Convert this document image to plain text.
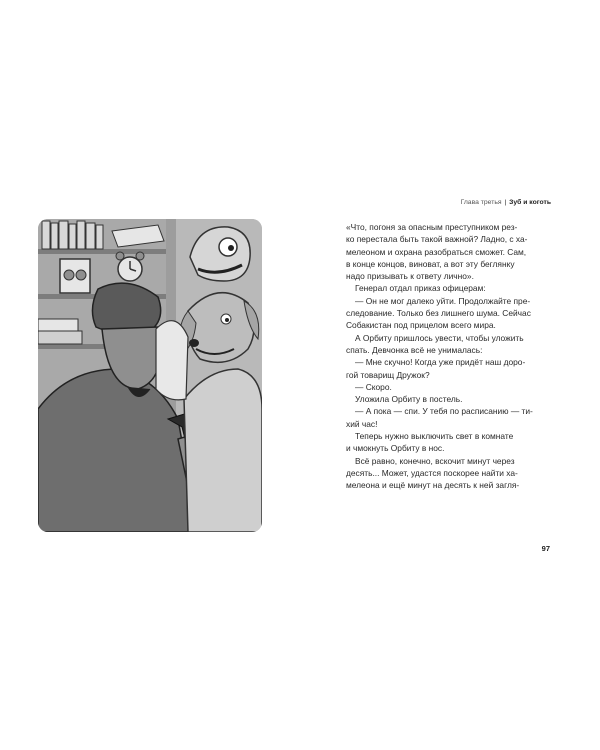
Глава третья | Зуб и коготь
«Что, погоня за опасным преступником рез-
ко перестала быть такой важной? Ладно, с ха-
мелеоном и охрана разобраться сможет. Сам,
в конце концов, виноват, а вот эту беглянку
надо призывать к ответу лично».
Генерал отдал приказ офицерам:
— Он не мог далеко уйти. Продолжайте пре-
следование. Только без лишнего шума. Сейчас
Собакистан под прицелом всего мира.
А Орбиту пришлось увести, чтобы уложить
спать. Девчонка всё не унималась:
— Мне скучно! Когда уже придёт наш доро-
гой товарищ Дружок?
— Скоро.
Уложила Орбиту в постель.
— А пока — спи. У тебя по расписанию — ти-
хий час!
Теперь нужно выключить свет в комнате
и чмокнуть Орбиту в нос.
Всё равно, конечно, вскочит минут через
десять... Может, удастся поскорее найти ха-
мелеона и ещё минут на десять к ней загля-
97
